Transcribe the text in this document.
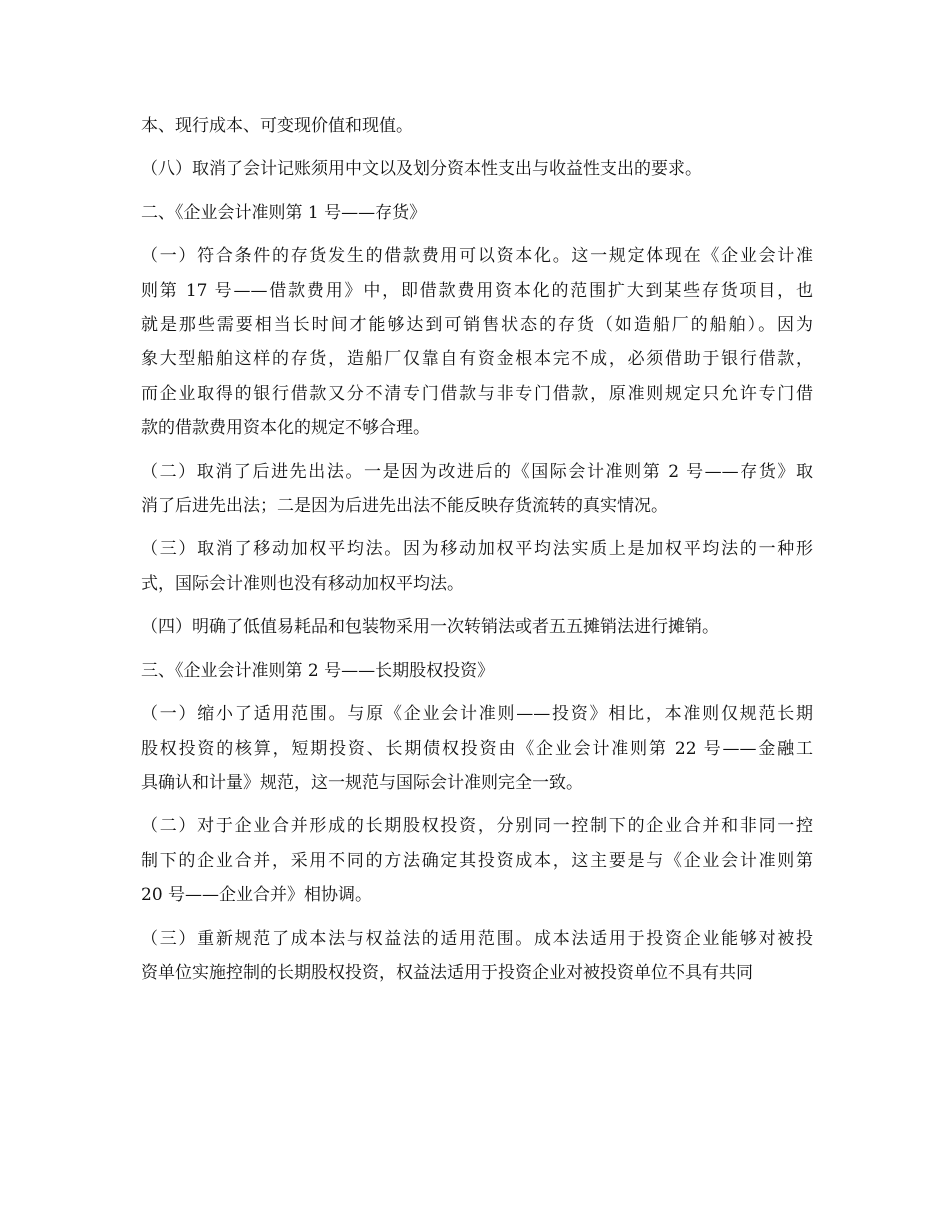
本、现行成本、可变现价值和现值。
（八）取消了会计记账须用中文以及划分资本性支出与收益性支出的要求。
二、《企业会计准则第 1 号——存货》
（一）符合条件的存货发生的借款费用可以资本化。这一规定体现在《企业会计准
则第 17 号——借款费用》中，即借款费用资本化的范围扩大到某些存货项目，也
就是那些需要相当长时间才能够达到可销售状态的存货（如造船厂的船舶）。因为
象大型船舶这样的存货，造船厂仅靠自有资金根本完不成，必须借助于银行借款，
而企业取得的银行借款又分不清专门借款与非专门借款，原准则规定只允许专门借
款的借款费用资本化的规定不够合理。
（二）取消了后进先出法。一是因为改进后的《国际会计准则第 2 号——存货》取
消了后进先出法；二是因为后进先出法不能反映存货流转的真实情况。
（三）取消了移动加权平均法。因为移动加权平均法实质上是加权平均法的一种形
式，国际会计准则也没有移动加权平均法。
（四）明确了低值易耗品和包装物采用一次转销法或者五五摊销法进行摊销。
三、《企业会计准则第 2 号——长期股权投资》
（一）缩小了适用范围。与原《企业会计准则——投资》相比，本准则仅规范长期
股权投资的核算，短期投资、长期债权投资由《企业会计准则第 22 号——金融工
具确认和计量》规范，这一规范与国际会计准则完全一致。
（二）对于企业合并形成的长期股权投资，分别同一控制下的企业合并和非同一控
制下的企业合并，采用不同的方法确定其投资成本，这主要是与《企业会计准则第
20 号——企业合并》相协调。
（三）重新规范了成本法与权益法的适用范围。成本法适用于投资企业能够对被投
资单位实施控制的长期股权投资，权益法适用于投资企业对被投资单位不具有共同
